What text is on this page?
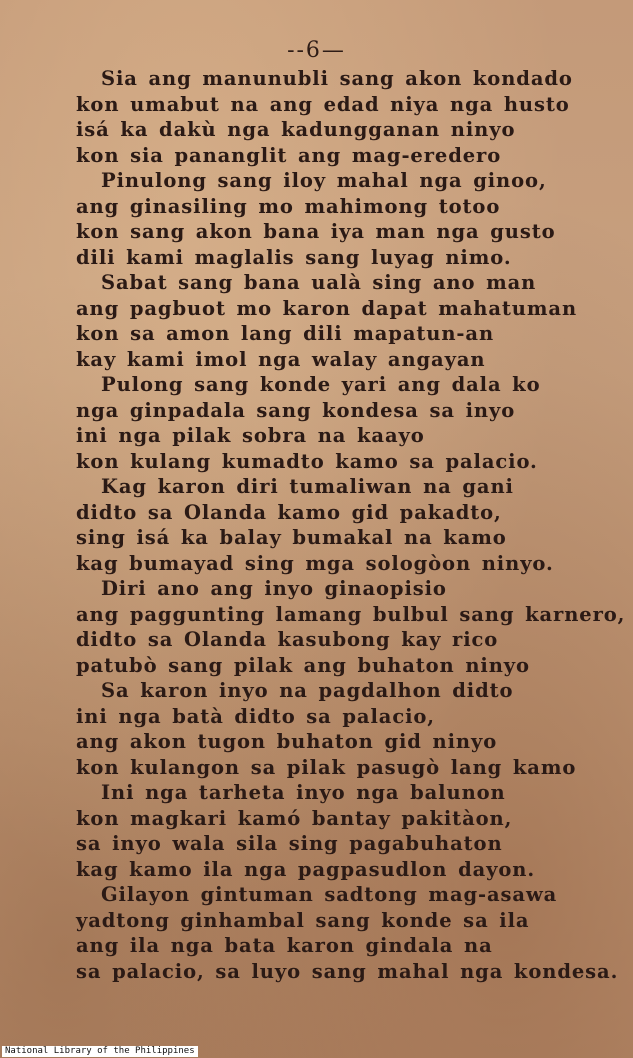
--6—
Sia ang manunubli sang akon kondado
kon umabut na ang edad niya nga husto
isá ka dakù nga kadungganan ninyo
kon sia pananglit ang mag-eredero
Pinulong sang iloy mahal nga ginoo,
ang ginasiling mo mahimong totoo
kon sang akon bana iya man nga gusto
dili kami maglalis sang luyag nimo.
Sabat sang bana ualà sing ano man
ang pagbuot mo karon dapat mahatuman
kon sa amon lang dili mapatun-an
kay kami imol nga walay angayan
Pulong sang konde yari ang dala ko
nga ginpadala sang kondesa sa inyo
ini nga pilak sobra na kaayo
kon kulang kumadto kamo sa palacio.
Kag karon diri tumaliwan na gani
didto sa Olanda kamo gid pakadto,
sing isá ka balay bumakal na kamo
kag bumayad sing mga sologòon ninyo.
Diri ano ang inyo ginaopisio
ang paggunting lamang bulbul sang karnero,
didto sa Olanda kasubong kay rico
patubò sang pilak ang buhaton ninyo
Sa karon inyo na pagdalhon didto
ini nga batà didto sa palacio,
ang akon tugon buhaton gid ninyo
kon kulangon sa pilak pasugò lang kamo
Ini nga tarheta inyo nga balunon
kon magkari kamó bantay pakitàon,
sa inyo wala sila sing pagabuhaton
kag kamo ila nga pagpasudlon dayon.
Gilayon gintuman sadtong mag-asawa
yadtong ginhambal sang konde sa ila
ang ila nga bata karon gindala na
sa palacio, sa luyo sang mahal nga kondesa.
National Library of the Philippines
